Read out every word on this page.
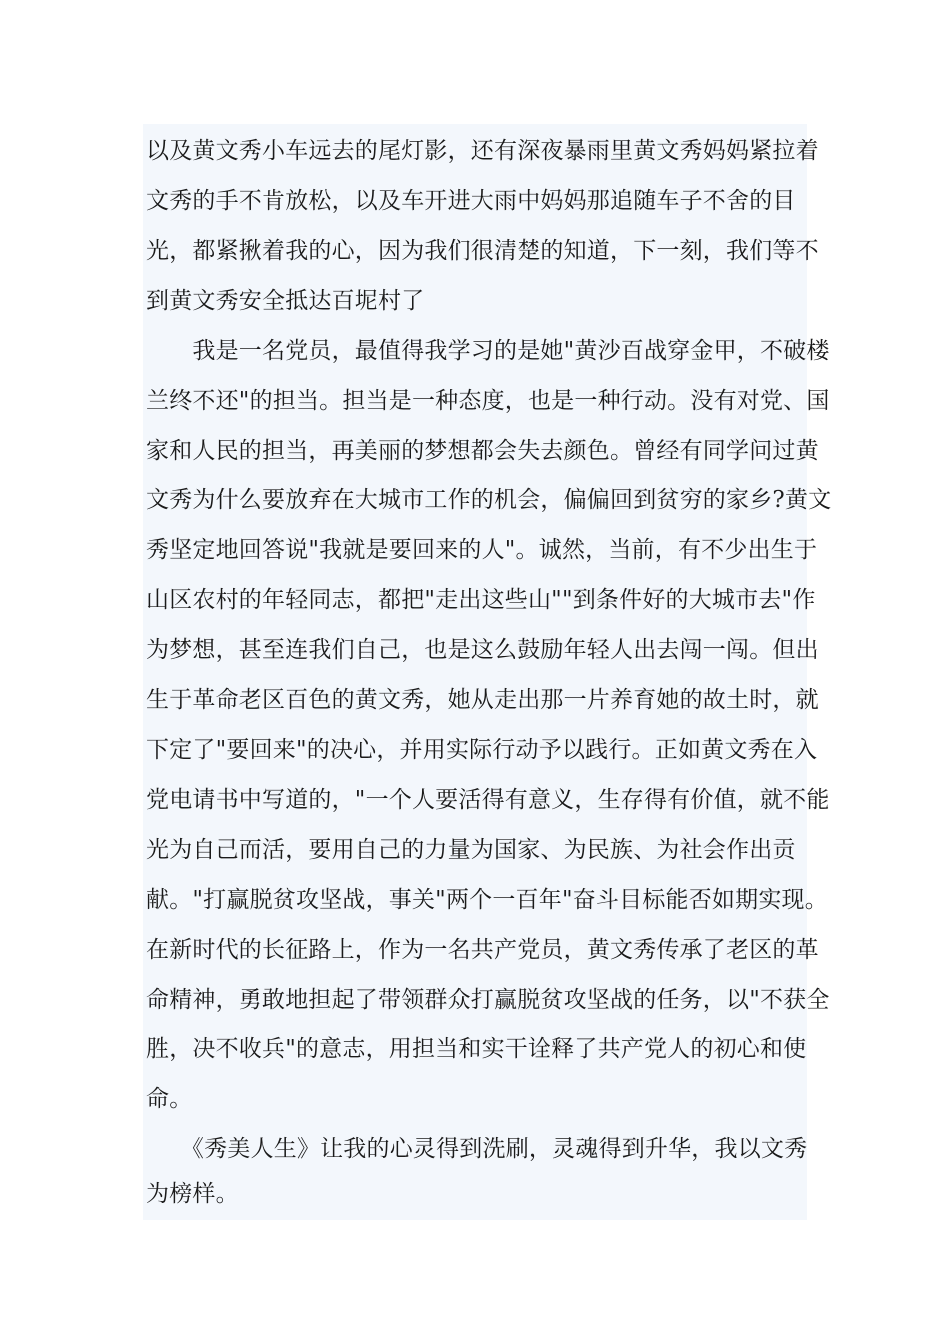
以及黄文秀小车远去的尾灯影，还有深夜暴雨里黄文秀妈妈紧拉着
文秀的手不肯放松，以及车开进大雨中妈妈那追随车子不舍的目
光，都紧揪着我的心，因为我们很清楚的知道，下一刻，我们等不
到黄文秀安全抵达百坭村了
　　我是一名党员，最值得我学习的是她"黄沙百战穿金甲，不破楼
兰终不还"的担当。担当是一种态度，也是一种行动。没有对党、国
家和人民的担当，再美丽的梦想都会失去颜色。曾经有同学问过黄
文秀为什么要放弃在大城市工作的机会，偏偏回到贫穷的家乡?黄文
秀坚定地回答说"我就是要回来的人"。诚然，当前，有不少出生于
山区农村的年轻同志，都把"走出这些山""到条件好的大城市去"作
为梦想，甚至连我们自己，也是这么鼓励年轻人出去闯一闯。但出
生于革命老区百色的黄文秀，她从走出那一片养育她的故土时，就
下定了"要回来"的决心，并用实际行动予以践行。正如黄文秀在入
党电请书中写道的，"一个人要活得有意义，生存得有价值，就不能
光为自己而活，要用自己的力量为国家、为民族、为社会作出贡
献。"打赢脱贫攻坚战，事关"两个一百年"奋斗目标能否如期实现。
在新时代的长征路上，作为一名共产党员，黄文秀传承了老区的革
命精神，勇敢地担起了带领群众打赢脱贫攻坚战的任务，以"不获全
胜，决不收兵"的意志，用担当和实干诠释了共产党人的初心和使
命。
　　《秀美人生》让我的心灵得到洗刷，灵魂得到升华，我以文秀
为榜样。
